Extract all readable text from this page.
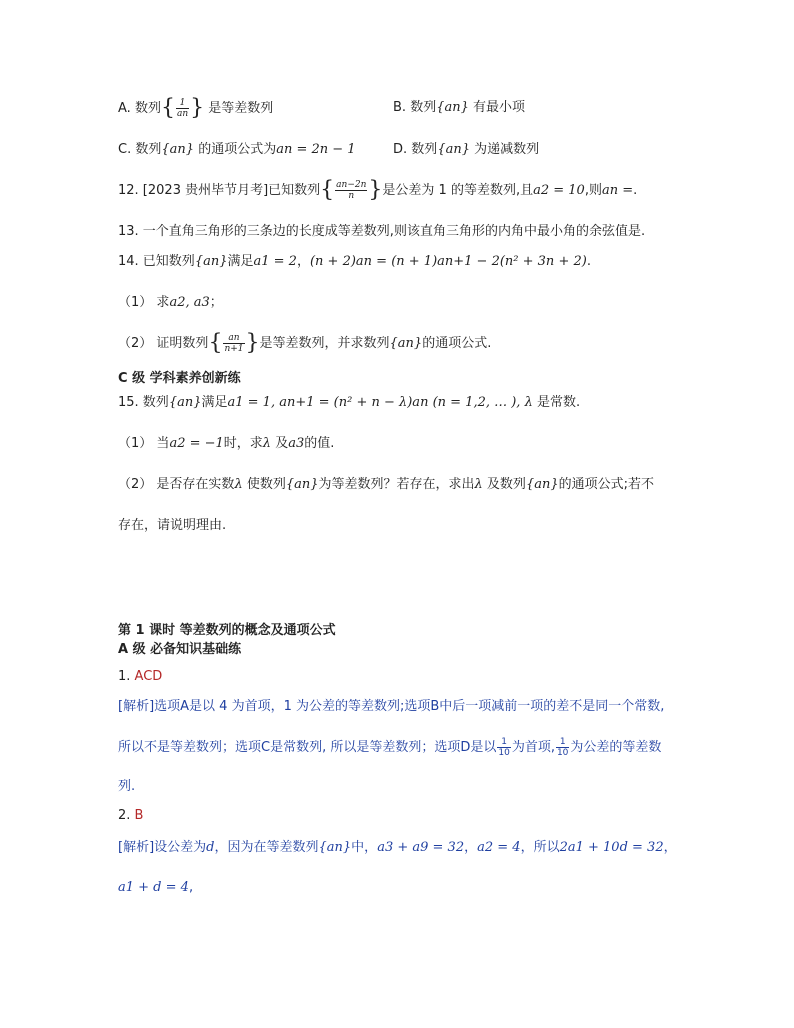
A. 数列{ $\frac{1}{an}$ } 是等差数列	B. 数列{an} 有最小项
C. 数列{an} 的通项公式为an = 2n − 1	D. 数列{an} 为递减数列
12. [2023 贵州毕节月考]已知数列{ $\frac{an-2n}{n}$ }是公差为 1 的等差数列,且a2 = 10,则an =.
13. 一个直角三角形的三条边的长度成等差数列,则该直角三角形的内角中最小角的余弦值是.
14. 已知数列{an}满足a1 = 2，(n + 2)an = (n + 1)an+1 − 2(n² + 3n + 2).
（1） 求a2, a3；
（2） 证明数列{ $\frac{an}{n+1}$ }是等差数列，并求数列{an}的通项公式.
C 级 学科素养创新练
15. 数列{an}满足a1 = 1, an+1 = (n² + n − λ)an (n = 1,2, … ), λ 是常数.
（1） 当a2 = −1时，求λ 及a3的值.
（2） 是否存在实数λ 使数列{an}为等差数列？若存在，求出λ 及数列{an}的通项公式;若不
存在，请说明理由.
第 1 课时 等差数列的概念及通项公式
A 级 必备知识基础练
1. ACD
[解析]选项A是以 4 为首项，1 为公差的等差数列;选项B中后一项减前一项的差不是同一个常数,
所以不是等差数列；选项C是常数列, 所以是等差数列；选项D是以 $\frac{1}{10}$ 为首项, $\frac{1}{10}$ 为公差的等差数
列.
2. B
[解析]设公差为d，因为在等差数列{an}中，a3 + a9 = 32，a2 = 4，所以2a1 + 10d = 32，
a1 + d = 4,
